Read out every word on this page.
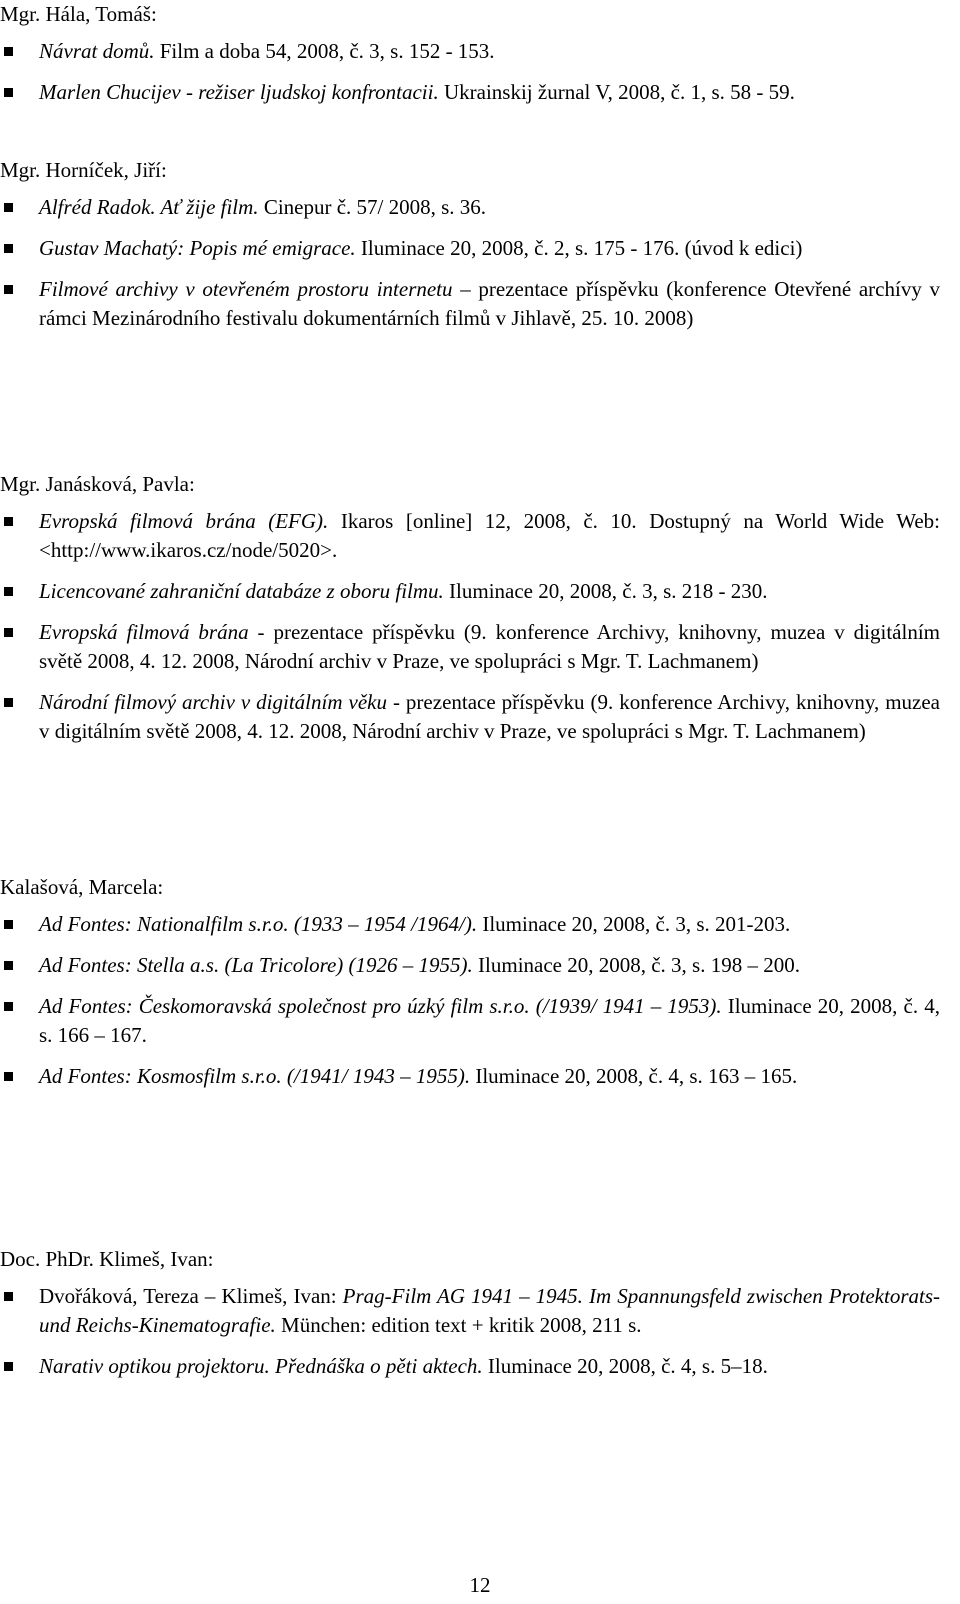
Mgr. Hála, Tomáš:
Návrat domů. Film a doba 54, 2008, č. 3, s. 152 - 153.
Marlen Chucijev - režiser ljudskoj konfrontacii. Ukrainskij žurnal V, 2008, č. 1, s. 58 - 59.
Mgr. Horníček, Jiří:
Alfréd Radok. Ať žije film. Cinepur č. 57/ 2008, s. 36.
Gustav Machatý: Popis mé emigrace. Iluminace 20, 2008, č. 2, s. 175 - 176. (úvod k edici)
Filmové archivy v otevřeném prostoru internetu – prezentace příspěvku (konference Otevřené archívy v rámci Mezinárodního festivalu dokumentárních filmů v Jihlavě, 25. 10. 2008)
Mgr. Janásková, Pavla:
Evropská filmová brána (EFG). Ikaros [online] 12, 2008, č. 10. Dostupný na World Wide Web: <http://www.ikaros.cz/node/5020>.
Licencované zahraniční databáze z oboru filmu. Iluminace 20, 2008, č. 3, s. 218 - 230.
Evropská filmová brána - prezentace příspěvku (9. konference Archivy, knihovny, muzea v digitálním světě 2008, 4. 12. 2008, Národní archiv v Praze, ve spolupráci s Mgr. T. Lachmanem)
Národní filmový archiv v digitálním věku - prezentace příspěvku (9. konference Archivy, knihovny, muzea v digitálním světě 2008, 4. 12. 2008, Národní archiv v Praze, ve spolupráci s Mgr. T. Lachmanem)
Kalašová, Marcela:
Ad Fontes: Nationalfilm s.r.o. (1933 – 1954 /1964/). Iluminace 20, 2008, č. 3, s. 201-203.
Ad Fontes: Stella a.s. (La Tricolore) (1926 – 1955). Iluminace 20, 2008, č. 3, s. 198 – 200.
Ad Fontes: Českomoravská společnost pro úzký film s.r.o. (/1939/ 1941 – 1953). Iluminace 20, 2008, č. 4, s. 166 – 167.
Ad Fontes: Kosmosfilm s.r.o. (/1941/ 1943 – 1955). Iluminace 20, 2008, č. 4, s. 163 – 165.
Doc. PhDr. Klimeš, Ivan:
Dvořáková, Tereza – Klimeš, Ivan: Prag-Film AG 1941 – 1945. Im Spannungsfeld zwischen Protektorats- und Reichs-Kinematografie. München: edition text + kritik 2008, 211 s.
Narativ optikou projektoru. Přednáška o pěti aktech. Iluminace 20, 2008, č. 4, s. 5–18.
12
